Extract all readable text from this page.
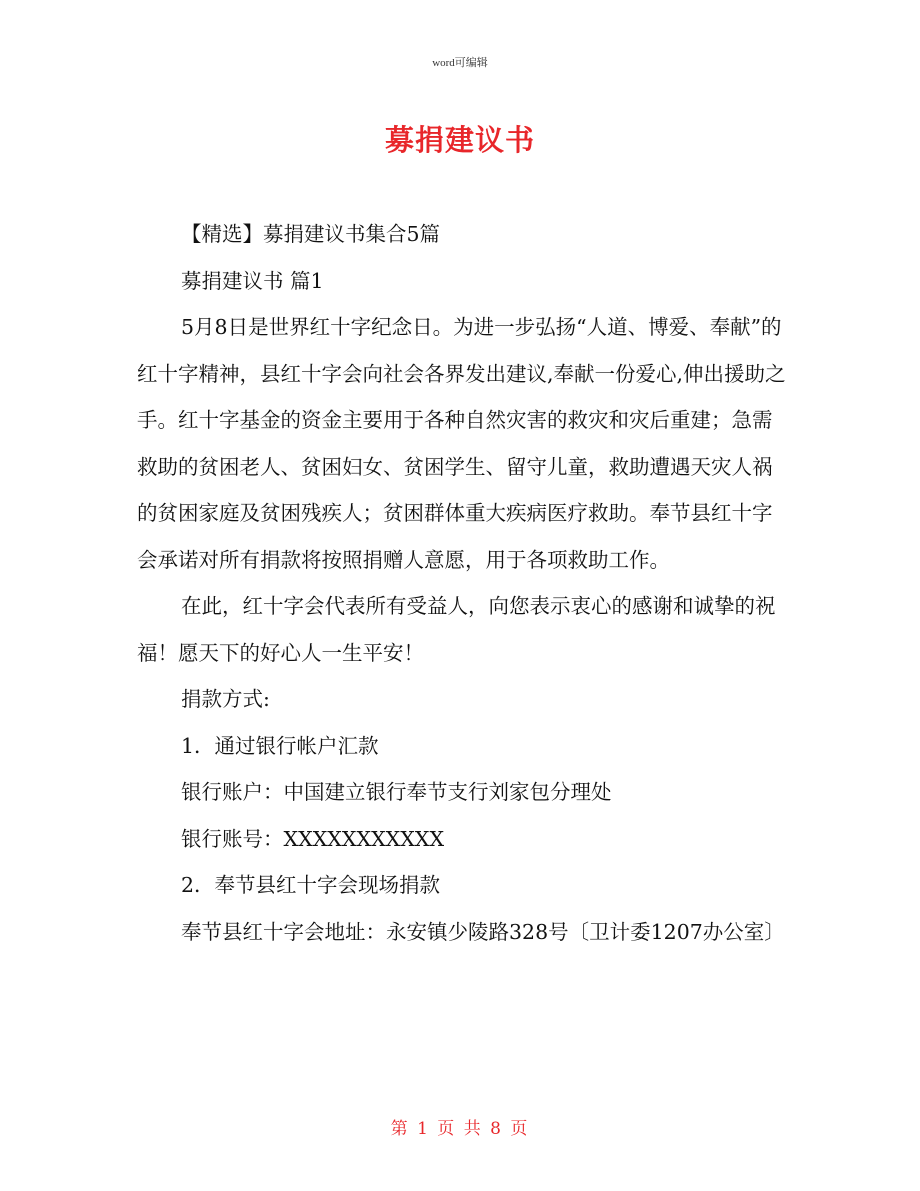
word可编辑
募捐建议书

【精选】募捐建议书集合5篇

募捐建议书 篇1

5月8日是世界红十字纪念日。为进一步弘扬“人道、博爱、奉献”的红十字精神，县红十字会向社会各界发出建议,奉献一份爱心,伸出援助之手。红十字基金的资金主要用于各种自然灾害的救灾和灾后重建；急需救助的贫困老人、贫困妇女、贫困学生、留守儿童，救助遭遇天灾人祸的贫困家庭及贫困残疾人；贫困群体重大疾病医疗救助。奉节县红十字会承诺对所有捐款将按照捐赠人意愿，用于各项救助工作。

在此，红十字会代表所有受益人，向您表示衷心的感谢和诚挚的祝福！愿天下的好心人一生平安！

捐款方式:

1．通过银行帐户汇款

银行账户：中国建立银行奉节支行刘家包分理处

银行账号：XXXXXXXXXXX

2．奉节县红十字会现场捐款

奉节县红十字会地址：永安镇少陵路328号〔卫计委1207办公室〕

第 1 页 共 8 页
